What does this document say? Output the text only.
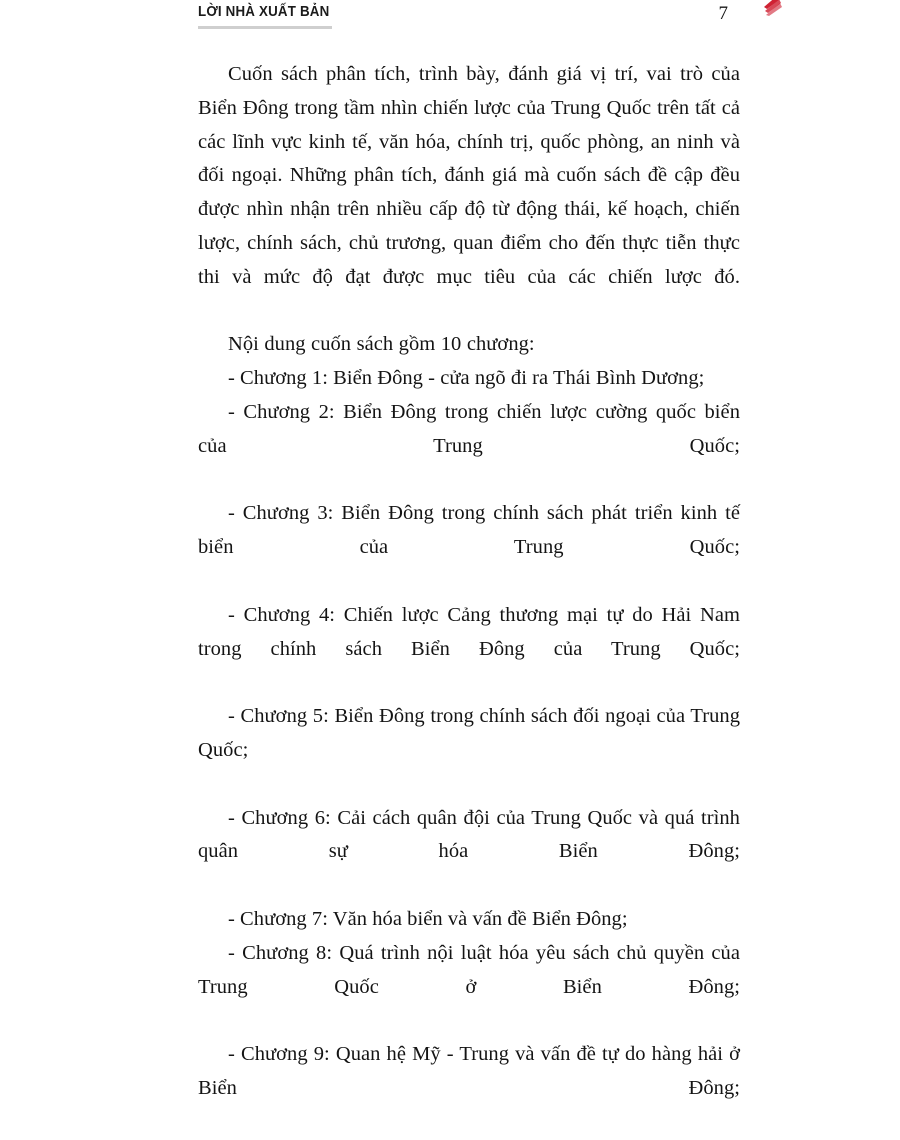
LỜI NHÀ XUẤT BẢN	7

Cuốn sách phân tích, trình bày, đánh giá vị trí, vai trò của Biển Đông trong tầm nhìn chiến lược của Trung Quốc trên tất cả các lĩnh vực kinh tế, văn hóa, chính trị, quốc phòng, an ninh và đối ngoại. Những phân tích, đánh giá mà cuốn sách đề cập đều được nhìn nhận trên nhiều cấp độ từ động thái, kế hoạch, chiến lược, chính sách, chủ trương, quan điểm cho đến thực tiễn thực thi và mức độ đạt được mục tiêu của các chiến lược đó.

Nội dung cuốn sách gồm 10 chương:

- Chương 1: Biển Đông - cửa ngõ đi ra Thái Bình Dương;

- Chương 2: Biển Đông trong chiến lược cường quốc biển của Trung Quốc;

- Chương 3: Biển Đông trong chính sách phát triển kinh tế biển của Trung Quốc;

- Chương 4: Chiến lược Cảng thương mại tự do Hải Nam trong chính sách Biển Đông của Trung Quốc;

- Chương 5: Biển Đông trong chính sách đối ngoại của Trung Quốc;

- Chương 6: Cải cách quân đội của Trung Quốc và quá trình quân sự hóa Biển Đông;

- Chương 7: Văn hóa biển và vấn đề Biển Đông;

- Chương 8: Quá trình nội luật hóa yêu sách chủ quyền của Trung Quốc ở Biển Đông;

- Chương 9: Quan hệ Mỹ - Trung và vấn đề tự do hàng hải ở Biển Đông;
